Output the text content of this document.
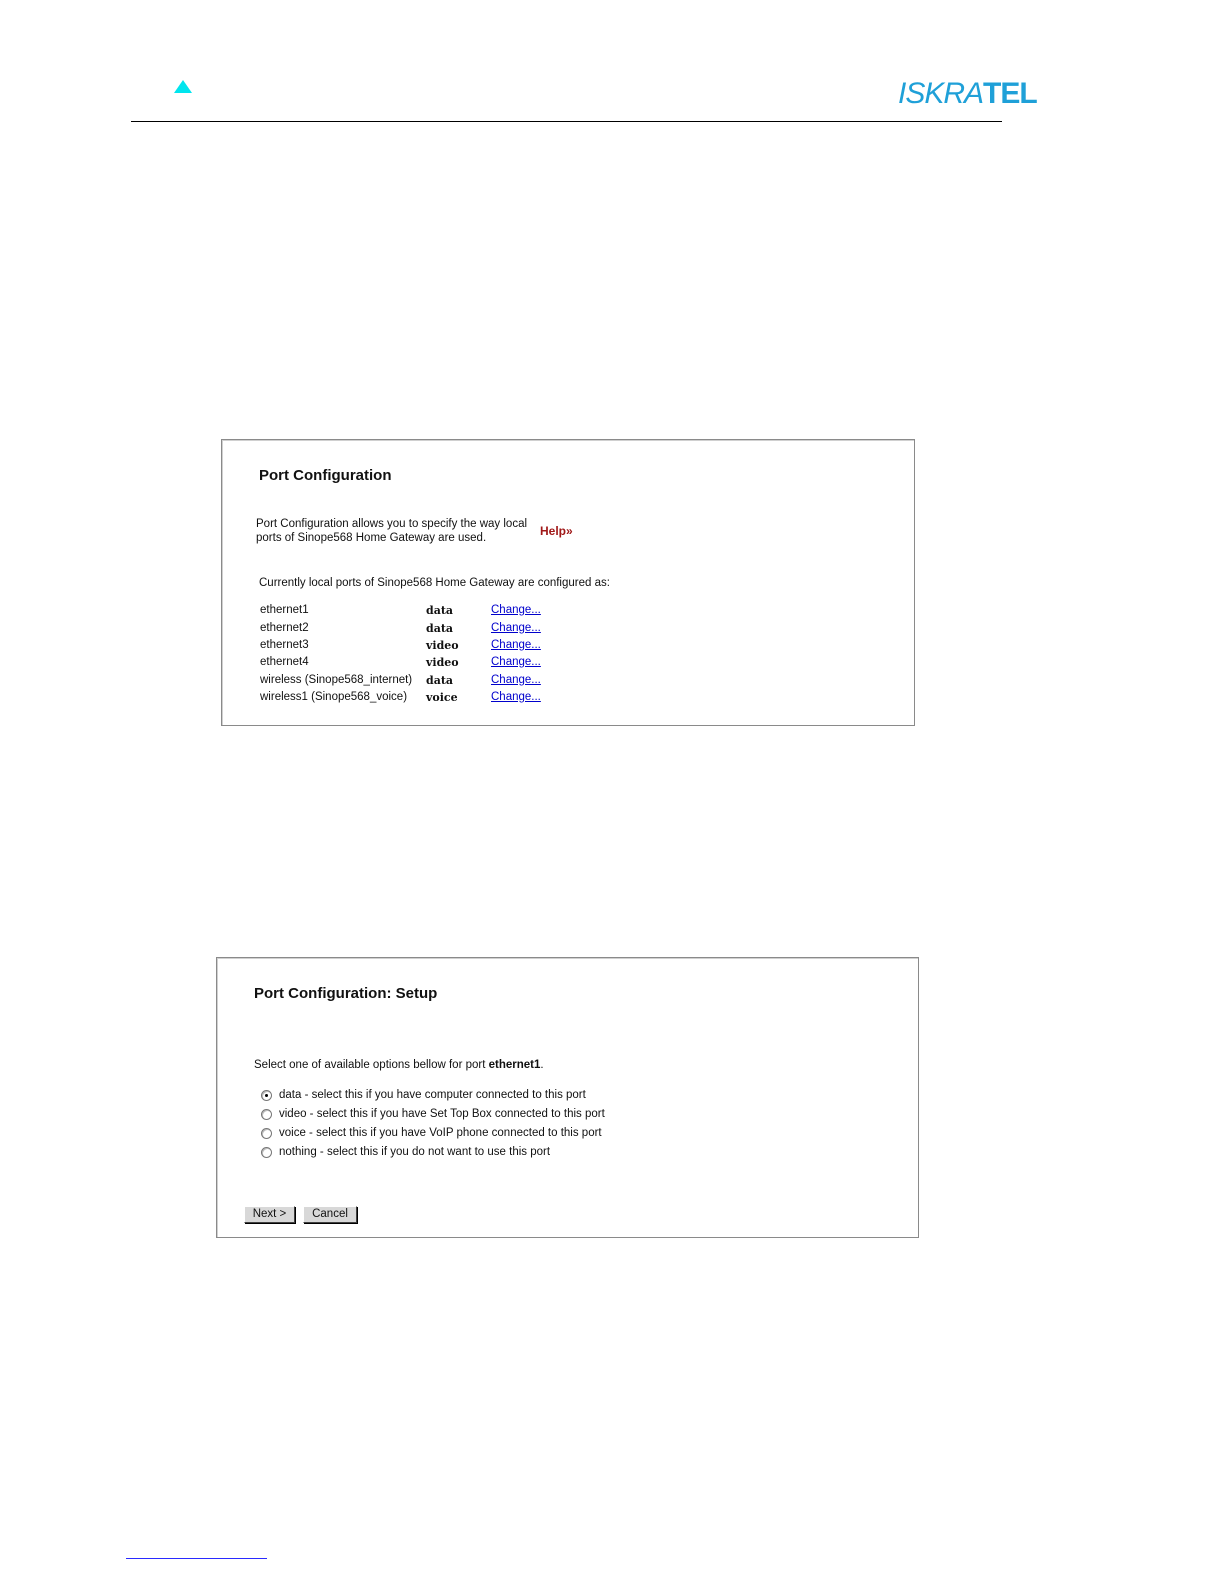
ISKRATEL
Port Configuration
Port Configuration allows you to specify the way local
ports of Sinope568 Home Gateway are used.	Help»
Currently local ports of Sinope568 Home Gateway are configured as:
ethernet1	data	Change...
ethernet2	data	Change...
ethernet3	video	Change...
ethernet4	video	Change...
wireless (Sinope568_internet) data	Change...
wireless1 (Sinope568_voice) voice	Change...
Port Configuration: Setup
Select one of available options bellow for port ethernet1.
data - select this if you have computer connected to this port
video - select this if you have Set Top Box connected to this port
voice - select this if you have VoIP phone connected to this port
nothing - select this if you do not want to use this port
Next >	Cancel
